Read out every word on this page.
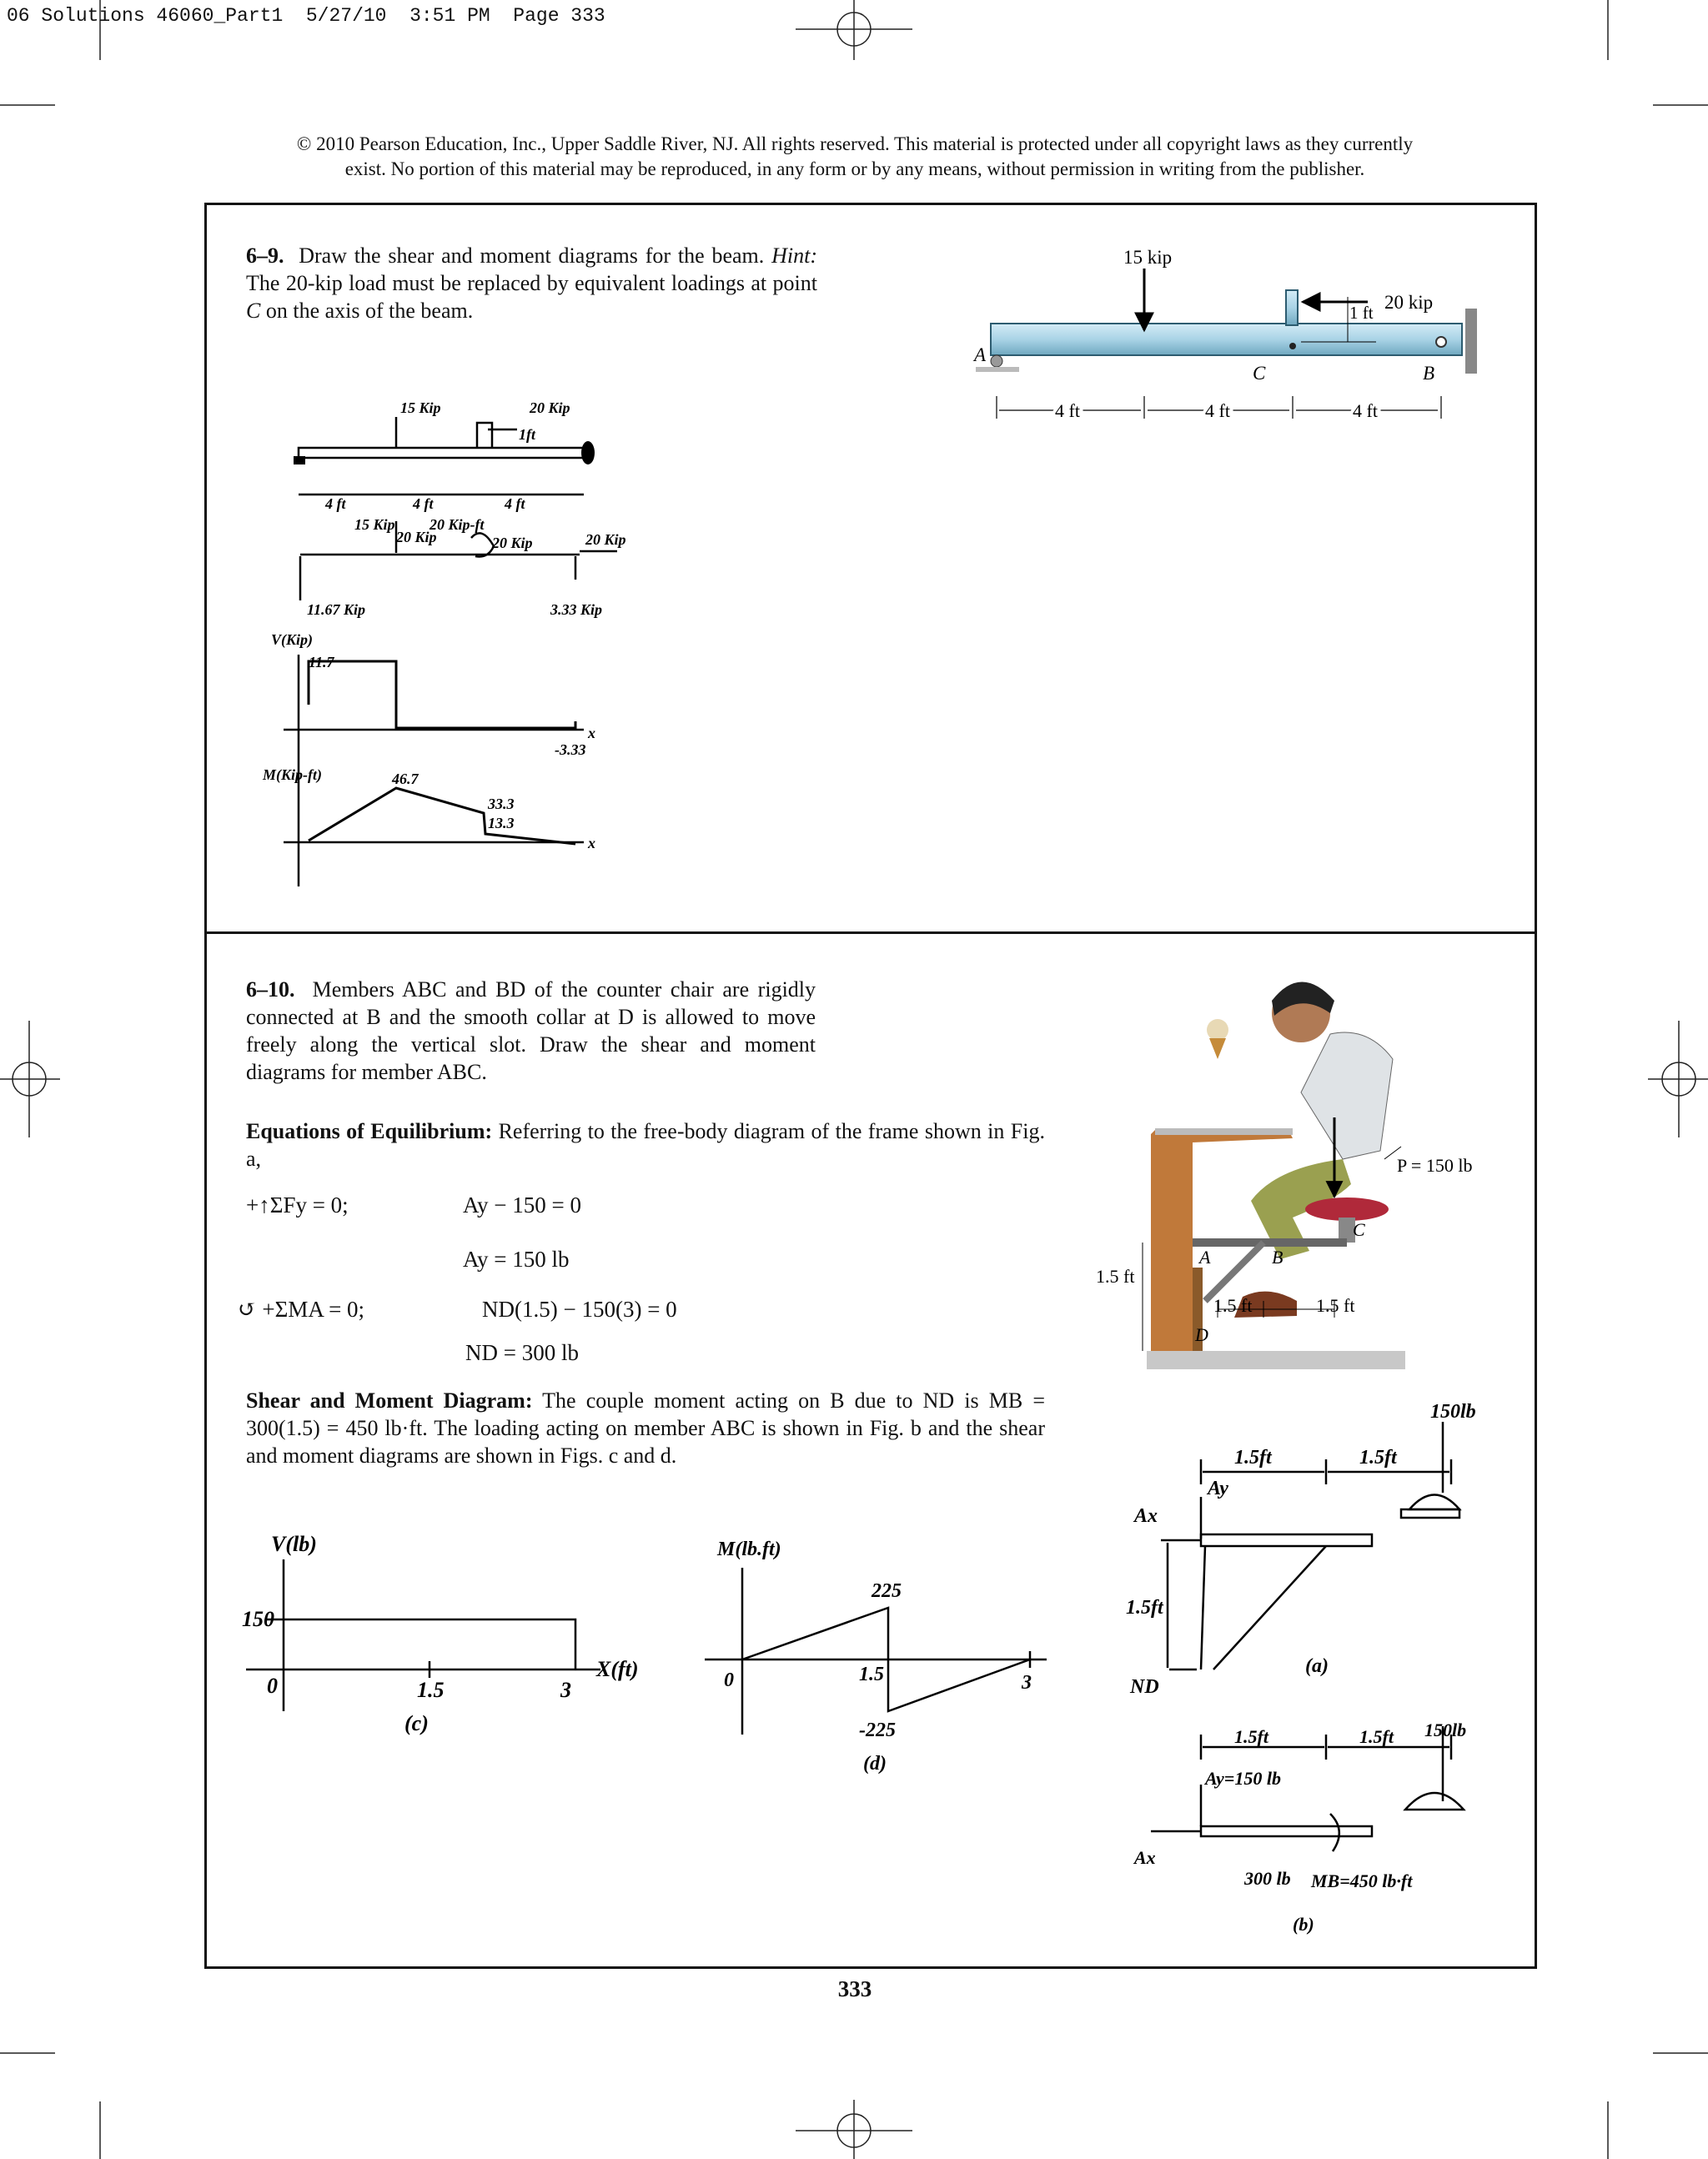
06 Solutions 46060_Part1  5/27/10  3:51 PM  Page 333
© 2010 Pearson Education, Inc., Upper Saddle River, NJ. All rights reserved. This material is protected under all copyright laws as they currently
exist. No portion of this material may be reproduced, in any form or by any means, without permission in writing from the publisher.
6–9. Draw the shear and moment diagrams for the beam. Hint: The 20-kip load must be replaced by equivalent loadings at point C on the axis of the beam.
15 kip
20 kip
1 ft
A
B
C
4 ft	4 ft	4 ft
15 Kip	20 Kip
1ft
4 ft	4 ft	4 ft
15 Kip
20 Kip
20 Kip-ft
20 Kip	20 Kip
11.67 Kip	3.33 Kip
V(Kip)
11.7
-3.33
x
M(Kip-ft)	46.7
33.3
13.3
x
6–10. Members ABC and BD of the counter chair are rigidly connected at B and the smooth collar at D is allowed to move freely along the vertical slot. Draw the shear and moment diagrams for member ABC.
Equations of Equilibrium: Referring to the free-body diagram of the frame shown in Fig. a,
+↑ΣFy = 0;	Ay − 150 = 0
Ay = 150 lb
↺ +ΣMA = 0;	ND(1.5) − 150(3) = 0
ND = 300 lb
Shear and Moment Diagram: The couple moment acting on B due to ND is MB = 300(1.5) = 450 lb·ft. The loading acting on member ABC is shown in Fig. b and the shear and moment diagrams are shown in Figs. c and d.
V(lb)
150
0	1.5	3
X(ft)
(c)
M(lb.ft)
225
-225
0	1.5	3
(d)
P = 150 lb
1.5 ft
1.5 ft	1.5 ft
A	B
C
D
1.5ft	1.5ft
150lb
Ay
Ax
1.5ft
ND
(a)
1.5ft	1.5ft 150lb
Ay=150 lb
Ax
300 lb MB=450 lb·ft
(b)
333
